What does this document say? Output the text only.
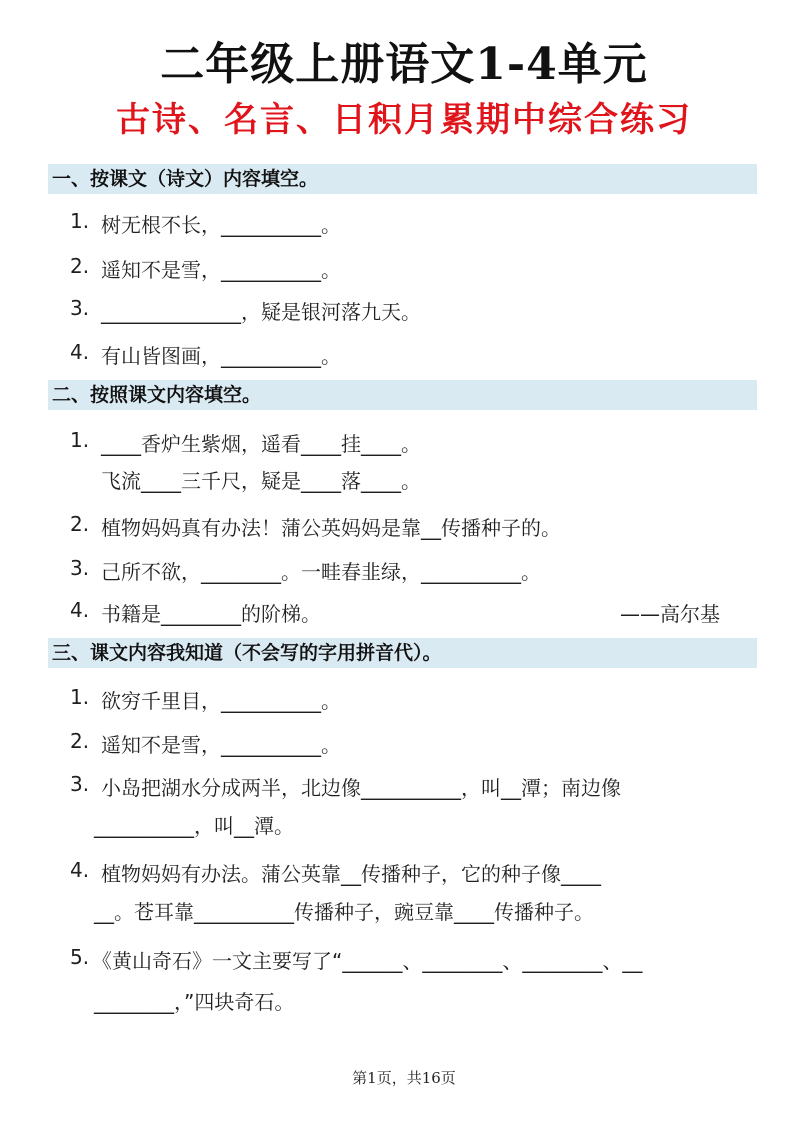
二年级上册语文1-4单元
古诗、名言、日积月累期中综合练习
一、按课文（诗文）内容填空。
1. 树无根不长，__________。
2. 遥知不是雪，__________。
3. ______________，疑是银河落九天。
4. 有山皆图画，__________。
二、按照课文内容填空。
1. ____香炉生紫烟，遥看____挂____。
飞流____三千尺，疑是____落____。
2. 植物妈妈真有办法！蒲公英妈妈是靠__传播种子的。
3. 己所不欲，________。一畦春韭绿，__________。
4. 书籍是________的阶梯。	——高尔基
三、课文内容我知道（不会写的字用拼音代）。
1. 欲穷千里目，__________。
2. 遥知不是雪，__________。
3. 小岛把湖水分成两半，北边像__________，叫__潭；南边像
__________，叫__潭。
4. 植物妈妈有办法。蒲公英靠__传播种子，它的种子像____
__。苍耳靠__________传播种子，豌豆靠____传播种子。
5. 《黄山奇石》一文主要写了“______、________、________、__
________，”四块奇石。
第1页，共16页
